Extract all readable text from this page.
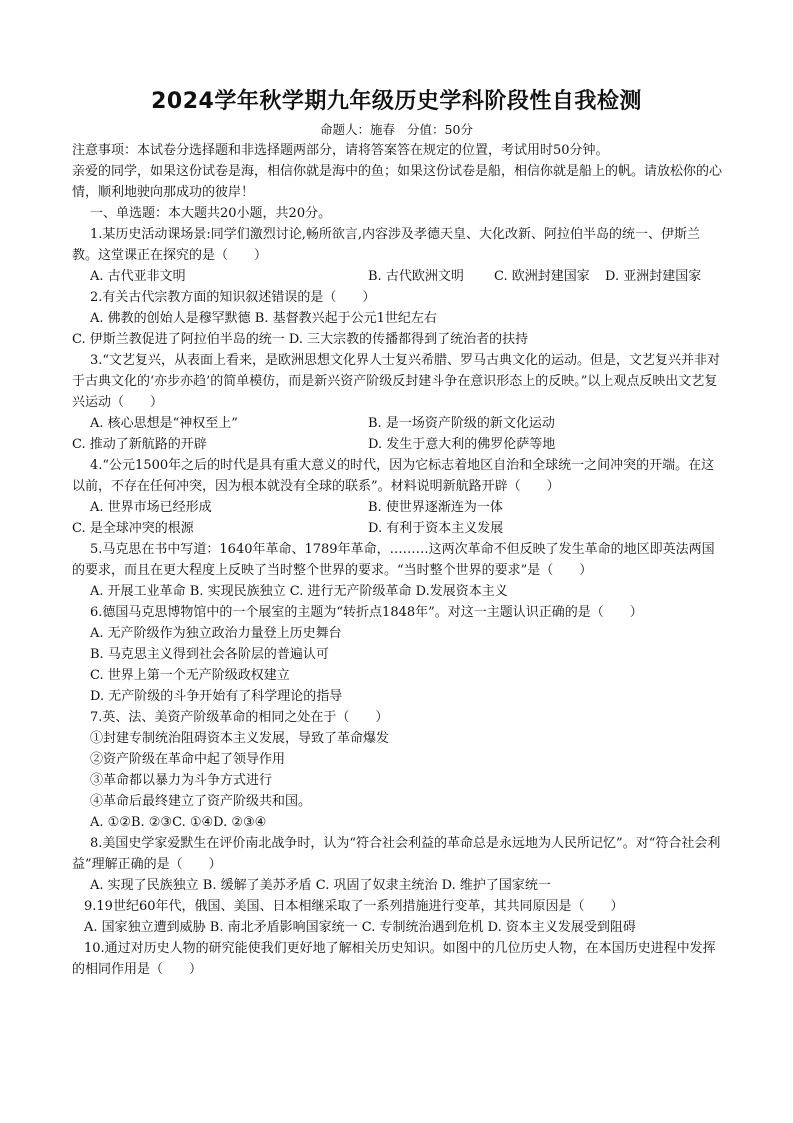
2024学年秋学期九年级历史学科阶段性自我检测
命题人：施春 分值：50分
注意事项：本试卷分选择题和非选择题两部分，请将答案答在规定的位置，考试用时50分钟。
亲爱的同学，如果这份试卷是海，相信你就是海中的鱼；如果这份试卷是船，相信你就是船上的帆。请放松你的心情，顺利地驶向那成功的彼岸！
一、单选题：本大题共20小题，共20分。
1.某历史活动课场景:同学们激烈讨论,畅所欲言,内容涉及孝德天皇、大化改新、阿拉伯半岛的统一、伊斯兰教。这堂课正在探究的是（　　）
A. 古代亚非文明	B. 古代欧洲文明 C. 欧洲封建国家 D. 亚洲封建国家
2.有关古代宗教方面的知识叙述错误的是（　　）
A. 佛教的创始人是穆罕默德 B. 基督教兴起于公元1世纪左右
C. 伊斯兰教促进了阿拉伯半岛的统一 D. 三大宗教的传播都得到了统治者的扶持
3.“文艺复兴，从表面上看来，是欧洲思想文化界人士复兴希腊、罗马古典文化的运动。但是，文艺复兴并非对于古典文化的‘亦步亦趋’的简单模仿，而是新兴资产阶级反封建斗争在意识形态上的反映。”以上观点反映出文艺复兴运动（　　）
A. 核心思想是“神权至上”	B. 是一场资产阶级的新文化运动
C. 推动了新航路的开辟	D. 发生于意大利的佛罗伦萨等地
4.“公元1500年之后的时代是具有重大意义的时代，因为它标志着地区自治和全球统一之间冲突的开端。在这以前，不存在任何冲突，因为根本就没有全球的联系”。材料说明新航路开辟（　　）
A. 世界市场已经形成	B. 使世界逐渐连为一体
C. 是全球冲突的根源	D. 有利于资本主义发展
5.马克思在书中写道：1640年革命、1789年革命，………这两次革命不但反映了发生革命的地区即英法两国的要求，而且在更大程度上反映了当时整个世界的要求。“当时整个世界的要求”是（　　）
A. 开展工业革命 B. 实现民族独立 C. 进行无产阶级革命 D.发展资本主义
6.德国马克思博物馆中的一个展室的主题为“转折点1848年”。对这一主题认识正确的是（　　）
A. 无产阶级作为独立政治力量登上历史舞台
B. 马克思主义得到社会各阶层的普遍认可
C. 世界上第一个无产阶级政权建立
D. 无产阶级的斗争开始有了科学理论的指导
7.英、法、美资产阶级革命的相同之处在于（　　）
①封建专制统治阻碍资本主义发展，导致了革命爆发
②资产阶级在革命中起了领导作用
③革命都以暴力为斗争方式进行
④革命后最终建立了资产阶级共和国。
A. ①②B. ②③C. ①④D. ②③④
8.美国史学家爱默生在评价南北战争时，认为“符合社会利益的革命总是永远地为人民所记忆”。对“符合社会利益”理解正确的是（　　）
A. 实现了民族独立 B. 缓解了美苏矛盾 C. 巩固了奴隶主统治 D. 维护了国家统一
9.19世纪60年代，俄国、美国、日本相继采取了一系列措施进行变革，其共同原因是（　　）
A. 国家独立遭到威胁 B. 南北矛盾影响国家统一 C. 专制统治遇到危机 D. 资本主义发展受到阻碍
10.通过对历史人物的研究能使我们更好地了解相关历史知识。如图中的几位历史人物，在本国历史进程中发挥的相同作用是（　　）
